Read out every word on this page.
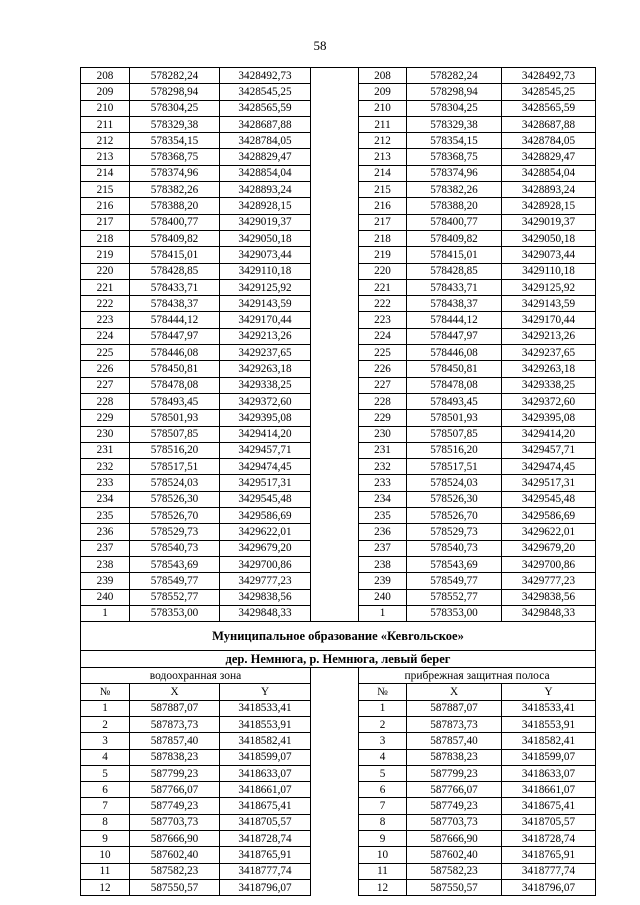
58
208	578282,24	3428492,73		208	578282,24	3428492,73
209	578298,94	3428545,25		209	578298,94	3428545,25
210	578304,25	3428565,59		210	578304,25	3428565,59
211	578329,38	3428687,88		211	578329,38	3428687,88
212	578354,15	3428784,05		212	578354,15	3428784,05
213	578368,75	3428829,47		213	578368,75	3428829,47
214	578374,96	3428854,04		214	578374,96	3428854,04
215	578382,26	3428893,24		215	578382,26	3428893,24
216	578388,20	3428928,15		216	578388,20	3428928,15
217	578400,77	3429019,37		217	578400,77	3429019,37
218	578409,82	3429050,18		218	578409,82	3429050,18
219	578415,01	3429073,44		219	578415,01	3429073,44
220	578428,85	3429110,18		220	578428,85	3429110,18
221	578433,71	3429125,92		221	578433,71	3429125,92
222	578438,37	3429143,59		222	578438,37	3429143,59
223	578444,12	3429170,44		223	578444,12	3429170,44
224	578447,97	3429213,26		224	578447,97	3429213,26
225	578446,08	3429237,65		225	578446,08	3429237,65
226	578450,81	3429263,18		226	578450,81	3429263,18
227	578478,08	3429338,25		227	578478,08	3429338,25
228	578493,45	3429372,60		228	578493,45	3429372,60
229	578501,93	3429395,08		229	578501,93	3429395,08
230	578507,85	3429414,20		230	578507,85	3429414,20
231	578516,20	3429457,71		231	578516,20	3429457,71
232	578517,51	3429474,45		232	578517,51	3429474,45
233	578524,03	3429517,31		233	578524,03	3429517,31
234	578526,30	3429545,48		234	578526,30	3429545,48
235	578526,70	3429586,69		235	578526,70	3429586,69
236	578529,73	3429622,01		236	578529,73	3429622,01
237	578540,73	3429679,20		237	578540,73	3429679,20
238	578543,69	3429700,86		238	578543,69	3429700,86
239	578549,77	3429777,23		239	578549,77	3429777,23
240	578552,77	3429838,56		240	578552,77	3429838,56
1	578353,00	3429848,33		1	578353,00	3429848,33
Муниципальное образование «Кевrольское»						
дер. Немнюга, р. Немнюга, левый берег						
водоохранная зона				прибрежная защитная полоса		
№	X	Y		№	X	Y
1	587887,07	3418533,41		1	587887,07	3418533,41
2	587873,73	3418553,91		2	587873,73	3418553,91
3	587857,40	3418582,41		3	587857,40	3418582,41
4	587838,23	3418599,07		4	587838,23	3418599,07
5	587799,23	3418633,07		5	587799,23	3418633,07
6	587766,07	3418661,07		6	587766,07	3418661,07
7	587749,23	3418675,41		7	587749,23	3418675,41
8	587703,73	3418705,57		8	587703,73	3418705,57
9	587666,90	3418728,74		9	587666,90	3418728,74
10	587602,40	3418765,91		10	587602,40	3418765,91
11	587582,23	3418777,74		11	587582,23	3418777,74
12	587550,57	3418796,07		12	587550,57	3418796,07
